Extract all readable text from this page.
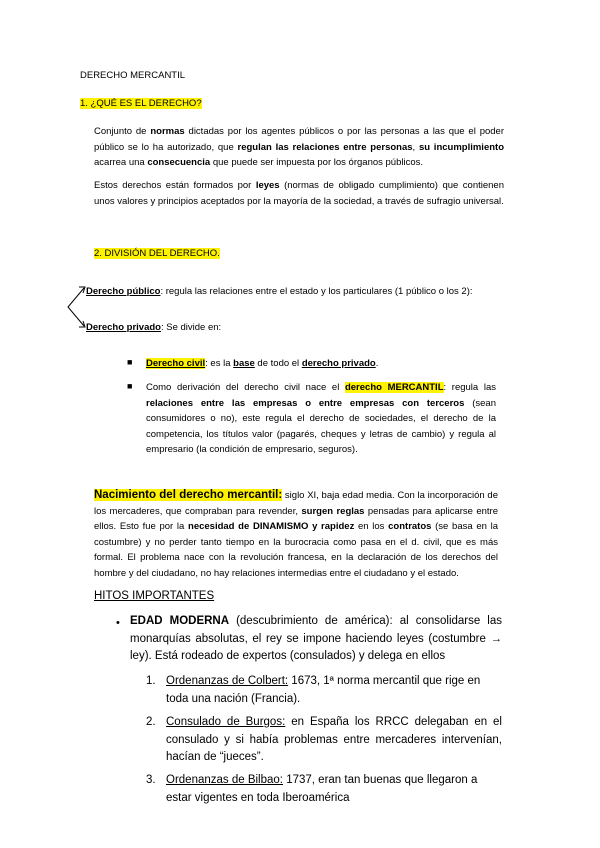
DERECHO MERCANTIL
1. ¿QUÉ ES EL DERECHO?
Conjunto de normas dictadas por los agentes públicos o por las personas a las que el poder público se lo ha autorizado, que regulan las relaciones entre personas, su incumplimiento acarrea una consecuencia que puede ser impuesta por los órganos públicos.
Estos derechos están formados por leyes (normas de obligado cumplimiento) que contienen unos valores y principios aceptados por la mayoría de la sociedad, a través de sufragio universal.
2. DIVISIÓN DEL DERECHO.
Derecho público: regula las relaciones entre el estado y los particulares (1 público o los 2):
Derecho privado: Se divide en:
■ Derecho civil: es la base de todo el derecho privado.
■ Como derivación del derecho civil nace el derecho MERCANTIL: regula las relaciones entre las empresas o entre empresas con terceros (sean consumidores o no), este regula el derecho de sociedades, el derecho de la competencia, los títulos valor (pagarés, cheques y letras de cambio) y regula al empresario (la condición de empresario, seguros).
Nacimiento del derecho mercantil: siglo XI, baja edad media. Con la incorporación de los mercaderes, que compraban para revender, surgen reglas pensadas para aplicarse entre ellos. Esto fue por la necesidad de DINAMISMO y rapidez en los contratos (se basa en la costumbre) y no perder tanto tiempo en la burocracia como pasa en el d. civil, que es más formal. El problema nace con la revolución francesa, en la declaración de los derechos del hombre y del ciudadano, no hay relaciones intermedias entre el ciudadano y el estado.
HITOS IMPORTANTES
• EDAD MODERNA (descubrimiento de américa): al consolidarse las monarquías absolutas, el rey se impone haciendo leyes (costumbre → ley). Está rodeado de expertos (consulados) y delega en ellos
1. Ordenanzas de Colbert: 1673, 1ª norma mercantil que rige en toda una nación (Francia).
2. Consulado de Burgos: en España los RRCC delegaban en el consulado y si había problemas entre mercaderes intervenían, hacían de “jueces”.
3. Ordenanzas de Bilbao: 1737, eran tan buenas que llegaron a estar vigentes en toda Iberoamérica
